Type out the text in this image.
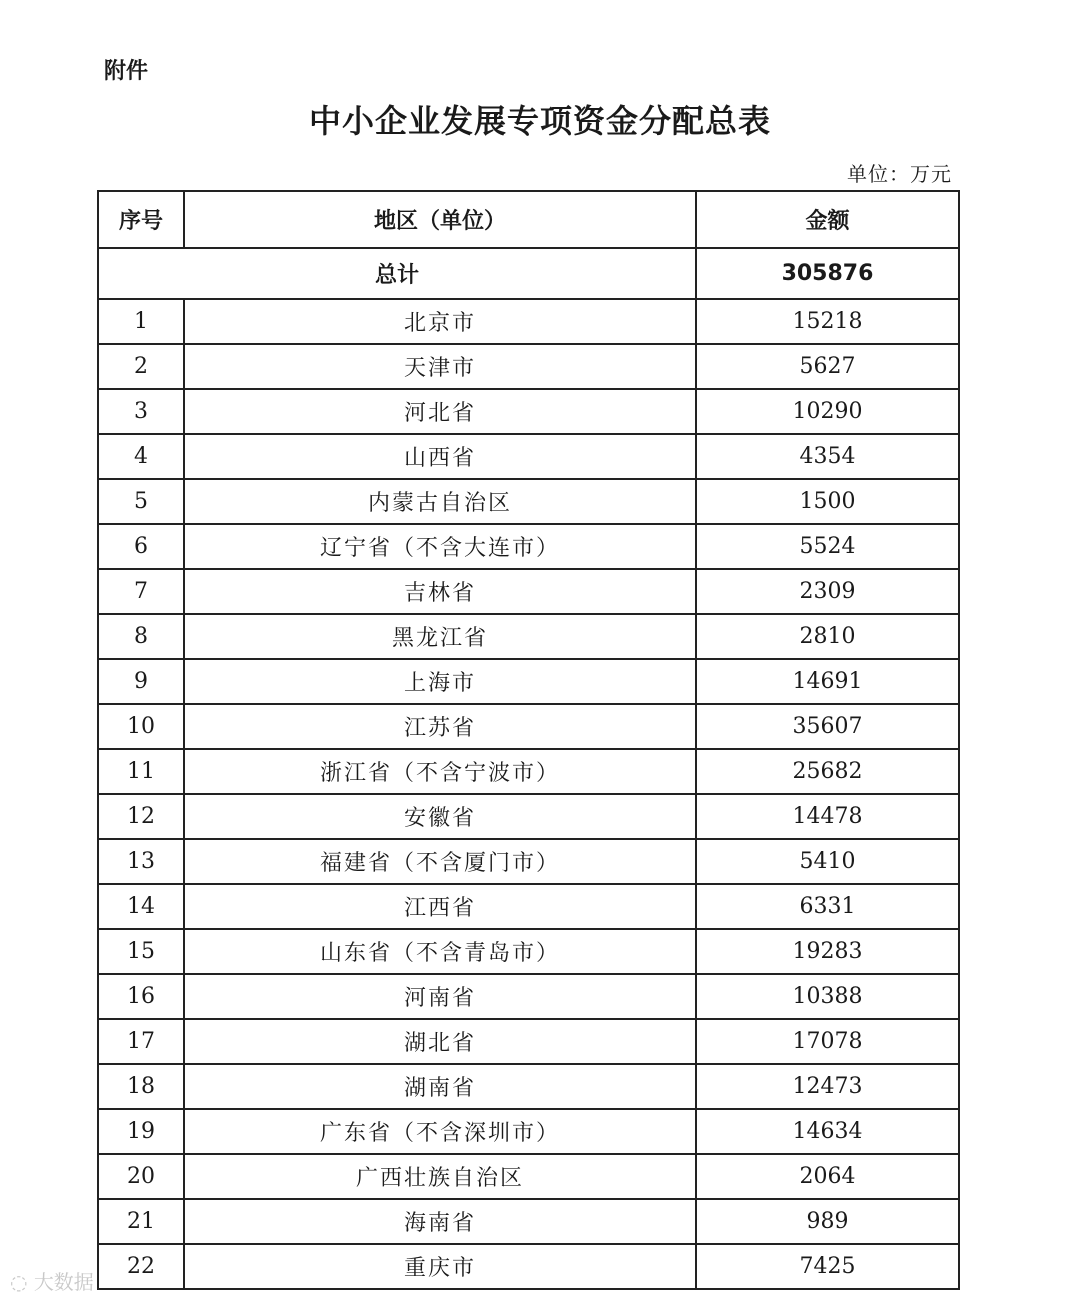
附件
中小企业发展专项资金分配总表
单位：万元
序号	地区（单位）	金额
总计		305876
1	北京市	15218
2	天津市	5627
3	河北省	10290
4	山西省	4354
5	内蒙古自治区	1500
6	辽宁省（不含大连市）	5524
7	吉林省	2309
8	黑龙江省	2810
9	上海市	14691
10	江苏省	35607
11	浙江省（不含宁波市）	25682
12	安徽省	14478
13	福建省（不含厦门市）	5410
14	江西省	6331
15	山东省（不含青岛市）	19283
16	河南省	10388
17	湖北省	17078
18	湖南省	12473
19	广东省（不含深圳市）	14634
20	广西壮族自治区	2064
21	海南省	989
22	重庆市	7425
◌ 大数据
